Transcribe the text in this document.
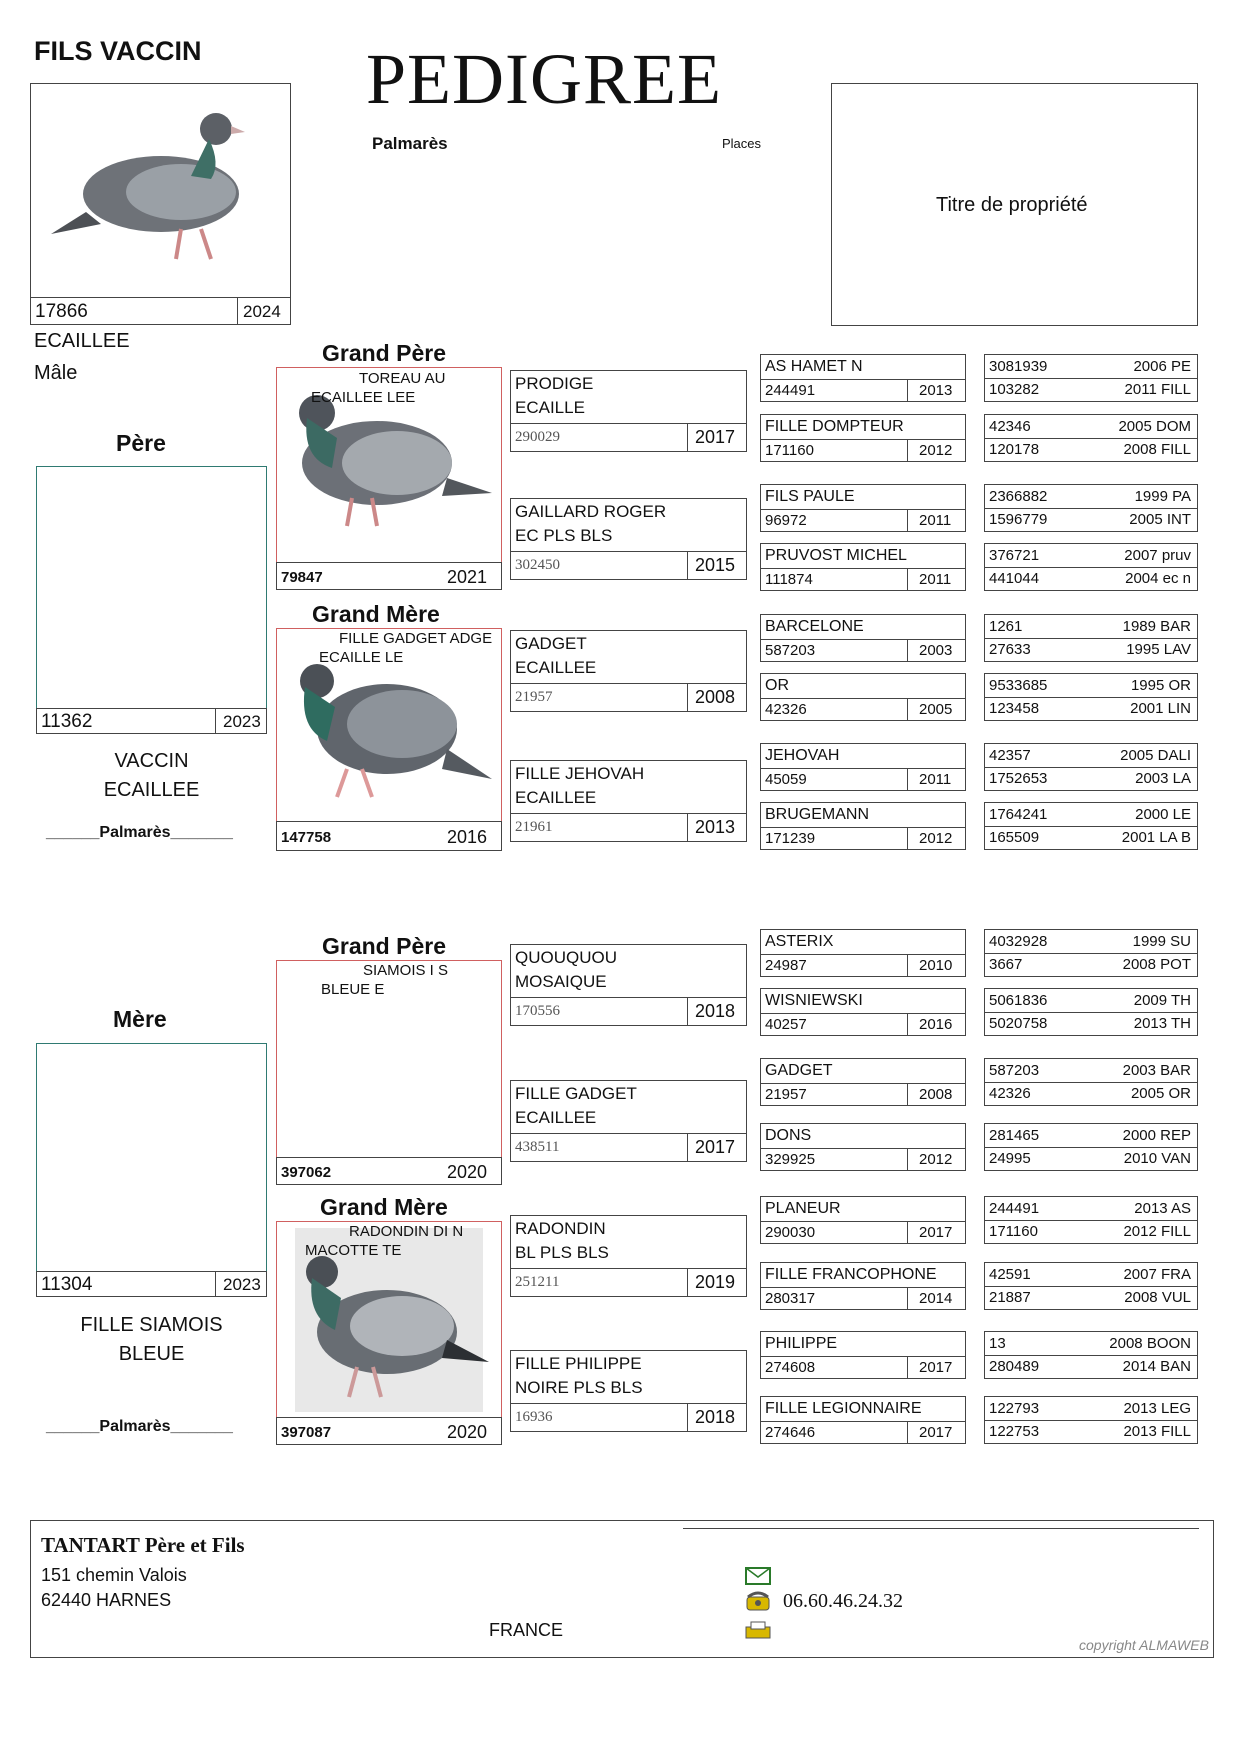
FILS VACCIN PEDIGREE
Palmarès	Places
Titre de propriété
17866	2024
ECAILLEE
Mâle
Père
11362	2023
VACCIN
ECAILLEE
______Palmarès_______
Mère
11304	2023
FILLE SIAMOIS
BLEUE
______Palmarès_______
Grand Père
TOREAU AU
ECAILLEE LEE
79847	2021
Grand Mère
FILLE GADGET ADGE
ECAILLE LE
147758	2016
Grand Père
SIAMOIS I S
BLEUE E
397062	2020
Grand Mère
RADONDIN DI N
MACOTTE TE
397087	2020
PRODIGE
ECAILLE
290029	2017
GAILLARD ROGER
EC PLS BLS
302450	2015
GADGET
ECAILLEE
21957	2008
FILLE JEHOVAH
ECAILLEE
21961	2013
QUOUQUOU
MOSAIQUE
170556	2018
FILLE GADGET
ECAILLEE
438511	2017
RADONDIN
BL PLS BLS
251211	2019
FILLE PHILIPPE
NOIRE PLS BLS
16936	2018
AS HAMET N
244491	2013
FILLE DOMPTEUR
171160	2012
FILS PAULE
96972	2011
PRUVOST MICHEL
111874	2011
BARCELONE
587203	2003
OR
42326	2005
JEHOVAH
45059	2011
BRUGEMANN
171239	2012
ASTERIX
24987	2010
WISNIEWSKI
40257	2016
GADGET
21957	2008
DONS
329925	2012
PLANEUR
290030	2017
FILLE FRANCOPHONE
280317	2014
PHILIPPE
274608	2017
FILLE LEGIONNAIRE
274646	2017
3081939	2006 PE
103282	2011 FILL
42346	2005 DOM
120178	2008 FILL
2366882	1999 PA
1596779	2005 INT
376721	2007 pruv
441044	2004 ec n
1261	1989 BAR
27633	1995 LAV
9533685	1995 OR
123458	2001 LIN
42357	2005 DALI
1752653	2003 LA
1764241	2000 LE
165509	2001 LA B
4032928	1999 SU
3667	2008 POT
5061836	2009 TH
5020758	2013 TH
587203	2003 BAR
42326	2005 OR
281465	2000 REP
24995	2010 VAN
244491	2013 AS
171160	2012 FILL
42591	2007 FRA
21887	2008 VUL
13	2008 BOON
280489	2014 BAN
122793	2013 LEG
122753	2013 FILL
TANTART Père et Fils
151 chemin Valois
62440 HARNES
FRANCE
06.60.46.24.32
copyright ALMAWEB
